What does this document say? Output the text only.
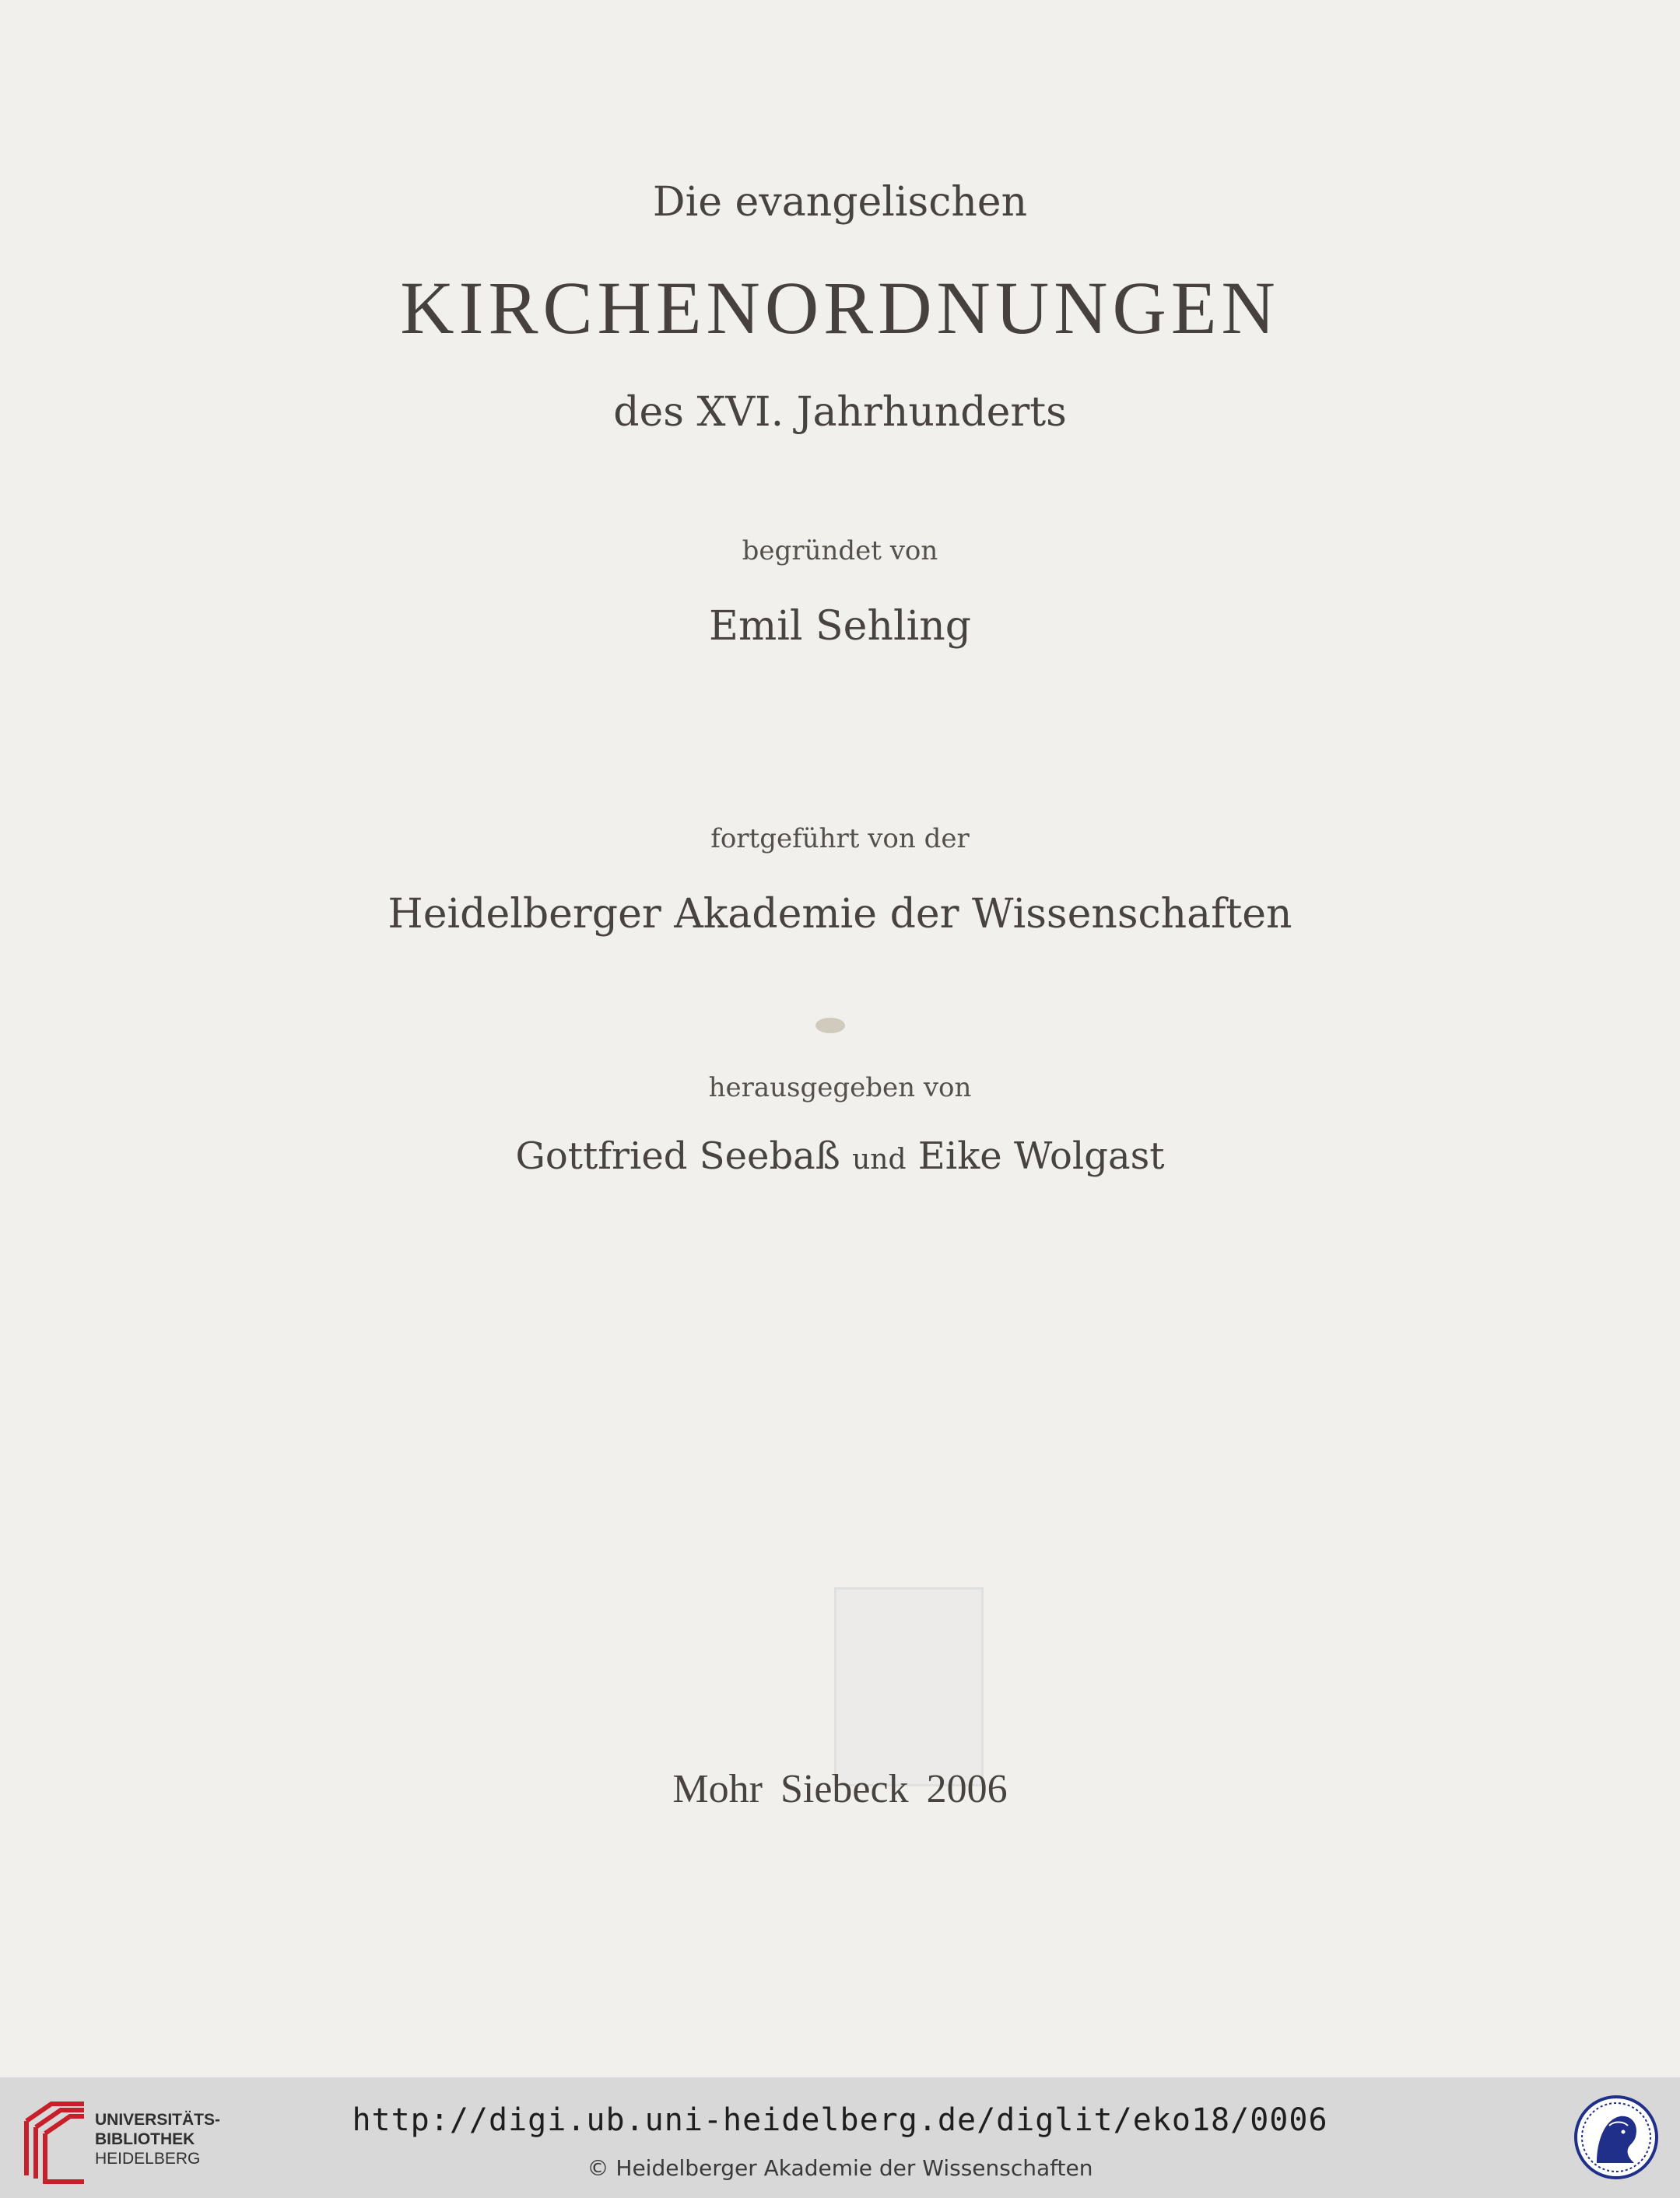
Die evangelischen
KIRCHENORDNUNGEN
des XVI. Jahrhunderts
begründet von
Emil Sehling
fortgeführt von der
Heidelberger Akademie der Wissenschaften
herausgegeben von
Gottfried Seebaß und Eike Wolgast
Mohr Siebeck 2006
UNIVERSITÄTS-
BIBLIOTHEK
HEIDELBERG
http://digi.ub.uni-heidelberg.de/diglit/eko18/0006
© Heidelberger Akademie der Wissenschaften
